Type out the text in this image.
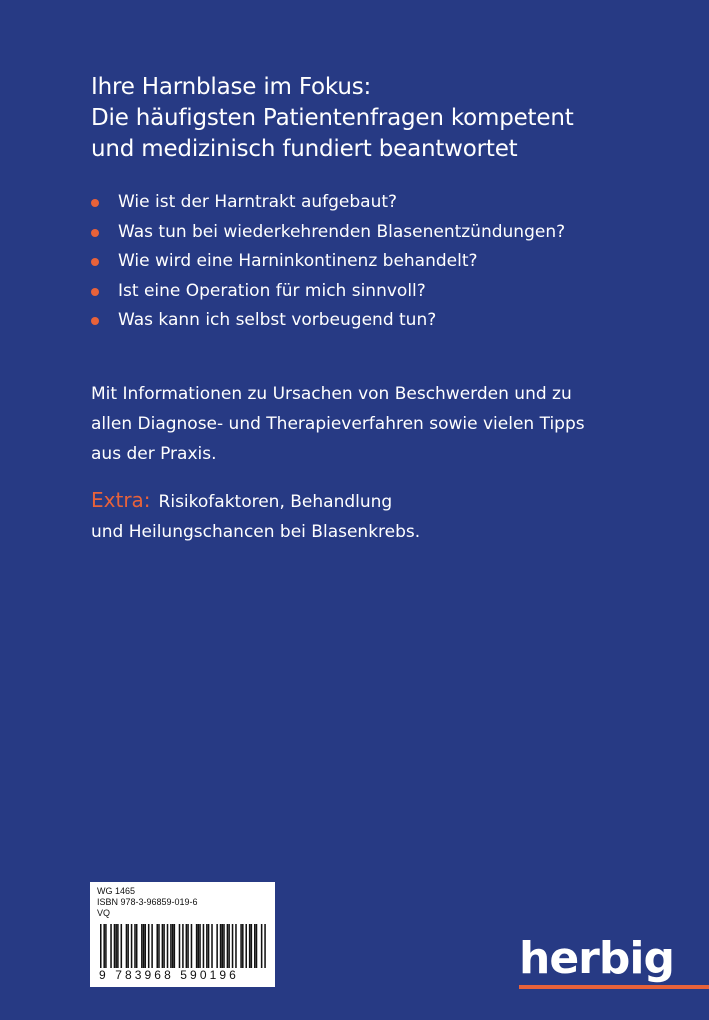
Ihre Harnblase im Fokus:
Die häufigsten Patientenfragen kompetent
und medizinisch fundiert beantwortet
Wie ist der Harntrakt aufgebaut?
Was tun bei wiederkehrenden Blasenentzündungen?
Wie wird eine Harninkontinenz behandelt?
Ist eine Operation für mich sinnvoll?
Was kann ich selbst vorbeugend tun?
Mit Informationen zu Ursachen von Beschwerden und zu
allen Diagnose- und Therapieverfahren sowie vielen Tipps
aus der Praxis.
Extra: Risikofaktoren, Behandlung
und Heilungschancen bei Blasenkrebs.
WG 1465
ISBN 978-3-96859-019-6
VQ
9 783968 590196	herbig
